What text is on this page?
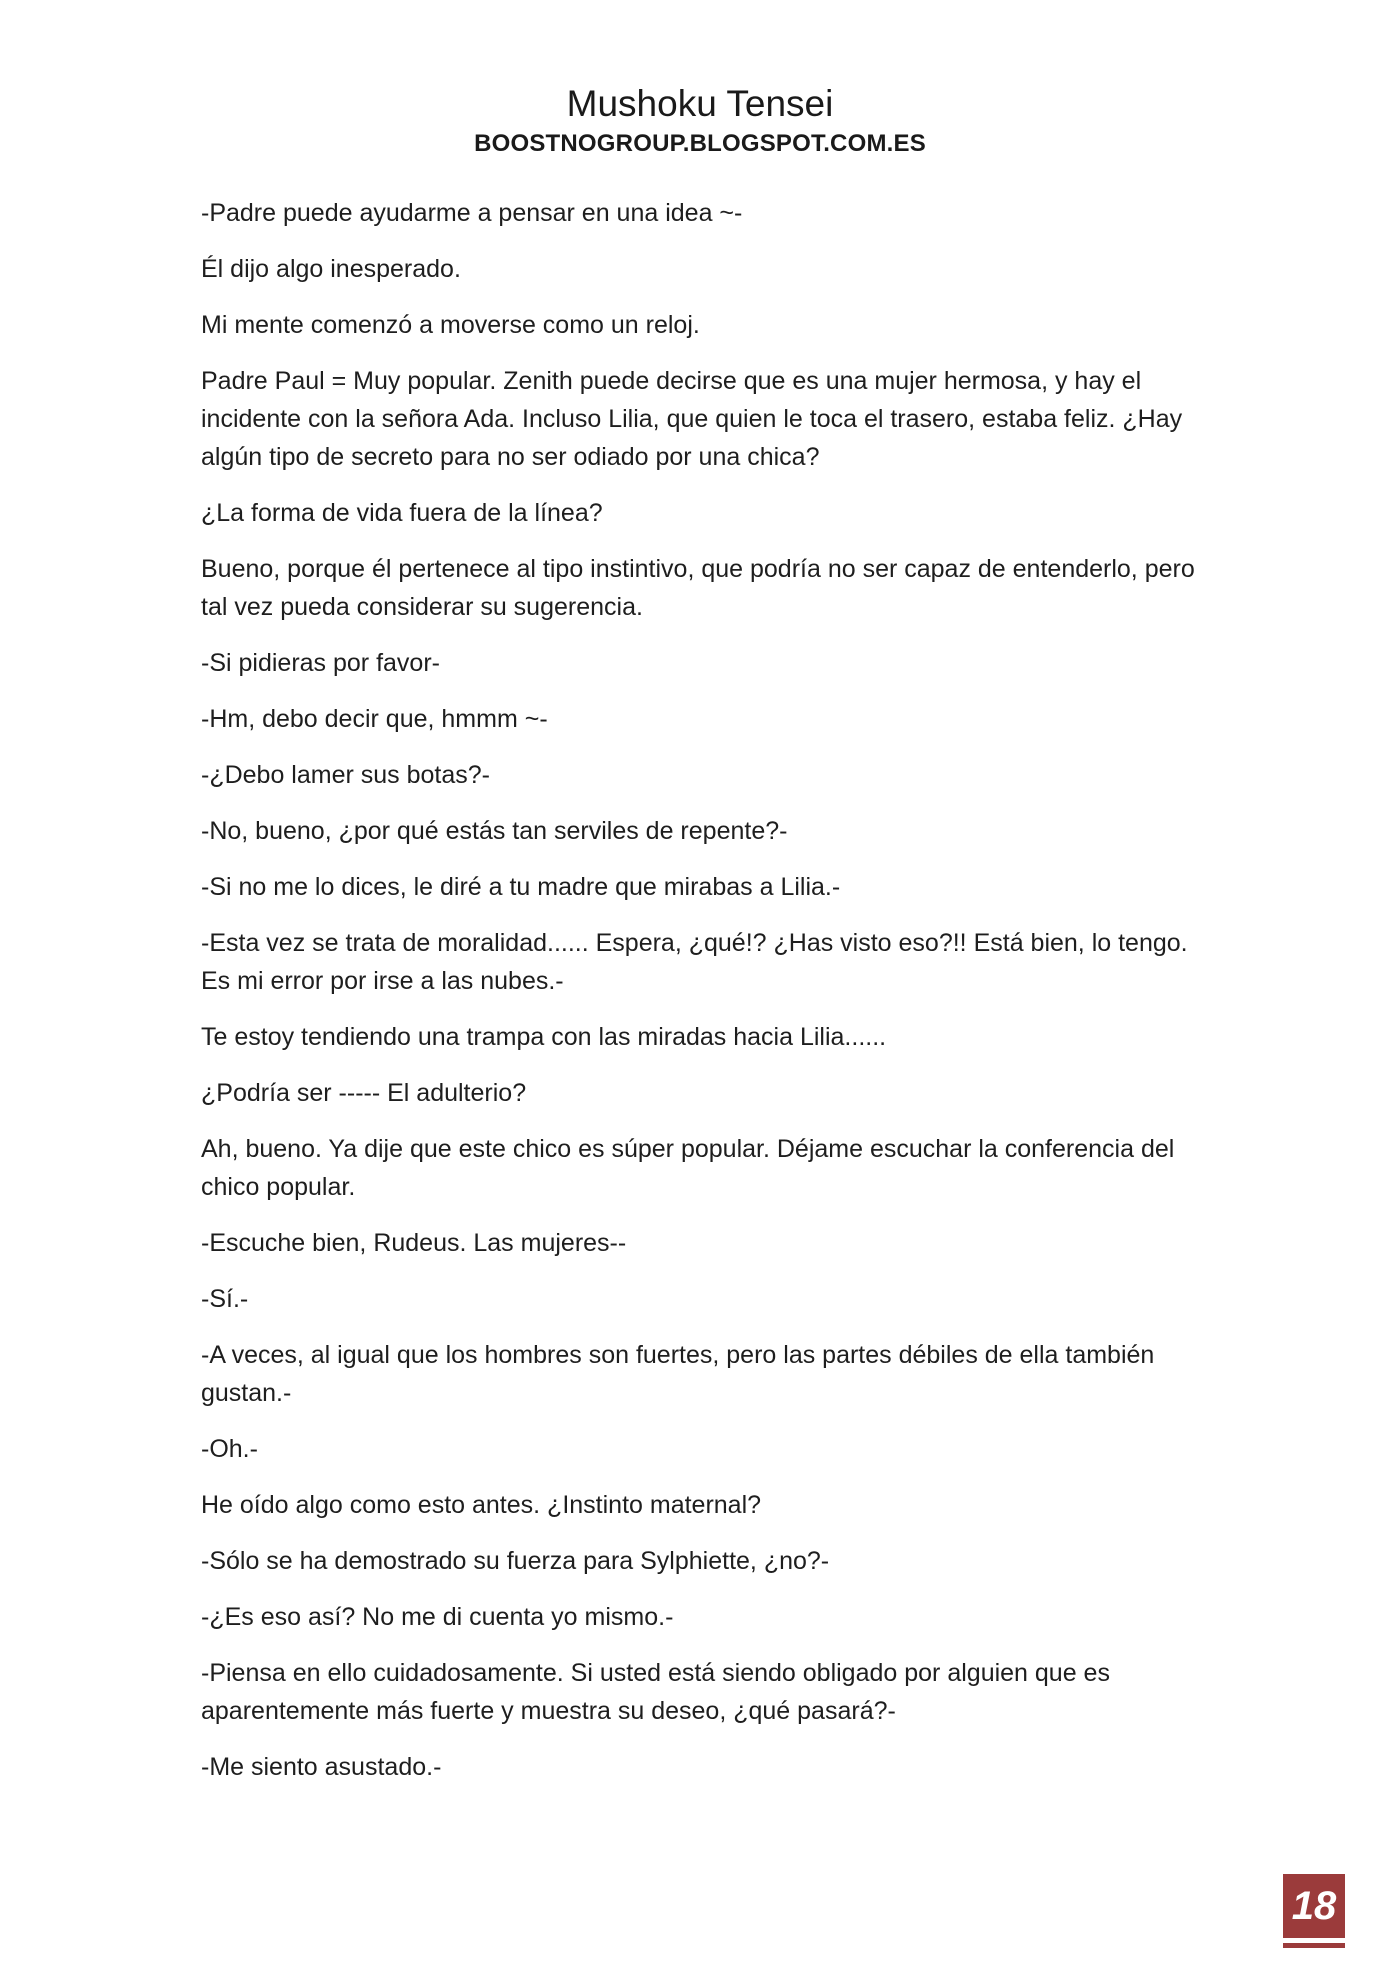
Mushoku Tensei
BOOSTNOGROUP.BLOGSPOT.COM.ES

-Padre puede ayudarme a pensar en una idea ~-

Él dijo algo inesperado.

Mi mente comenzó a moverse como un reloj.

Padre Paul = Muy popular. Zenith puede decirse que es una mujer hermosa, y hay el incidente con la señora Ada. Incluso Lilia, que quien le toca el trasero, estaba feliz. ¿Hay algún tipo de secreto para no ser odiado por una chica?

¿La forma de vida fuera de la línea?

Bueno, porque él pertenece al tipo instintivo, que podría no ser capaz de entenderlo, pero tal vez pueda considerar su sugerencia.

-Si pidieras por favor-

-Hm, debo decir que, hmmm ~-

-¿Debo lamer sus botas?-

-No, bueno, ¿por qué estás tan serviles de repente?-

-Si no me lo dices, le diré a tu madre que mirabas a Lilia.-

-Esta vez se trata de moralidad...... Espera, ¿qué!? ¿Has visto eso?!! Está bien, lo tengo. Es mi error por irse a las nubes.-

Te estoy tendiendo una trampa con las miradas hacia Lilia......

¿Podría ser ----- El adulterio?

Ah, bueno. Ya dije que este chico es súper popular. Déjame escuchar la conferencia del chico popular.

-Escuche bien, Rudeus. Las mujeres--

-Sí.-

-A veces, al igual que los hombres son fuertes, pero las partes débiles de ella también gustan.-

-Oh.-

He oído algo como esto antes. ¿Instinto maternal?

-Sólo se ha demostrado su fuerza para Sylphiette, ¿no?-

-¿Es eso así? No me di cuenta yo mismo.-

-Piensa en ello cuidadosamente. Si usted está siendo obligado por alguien que es aparentemente más fuerte y muestra su deseo, ¿qué pasará?-

-Me siento asustado.-

18
